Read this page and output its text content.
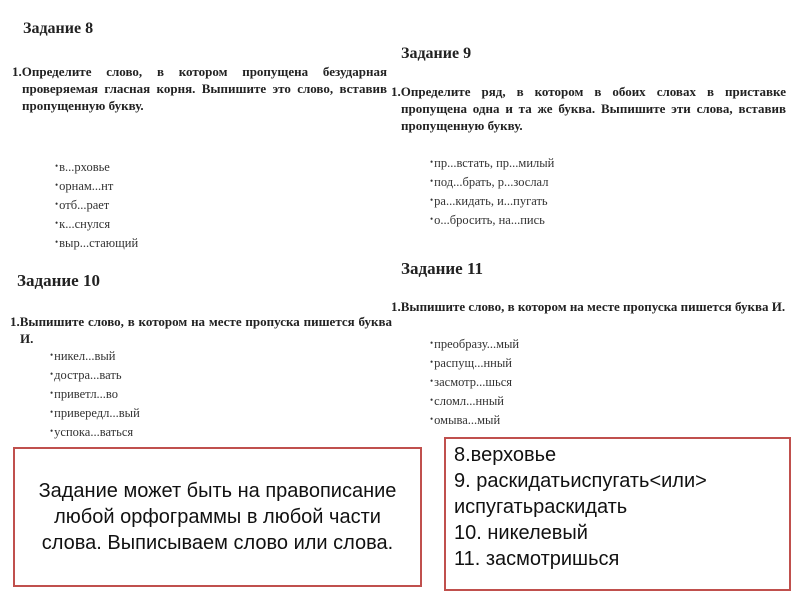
Задание 8
1.Определите слово, в котором пропущена безударная проверяемая гласная корня. Выпишите это слово, вставив пропущенную букву.
• в...рховье
• орнам...нт
• отб...рает
• к...снулся
• выр...стающий
Задание 9
1.Определите ряд, в котором в обоих словах в приставке пропущена одна и та же буква. Выпишите эти слова, вставив пропущенную букву.
• пр...встать, пр...милый
• под...брать, р...зослал
• ра...кидать, и...пугать
• о...бросить, на...пись
Задание 10
1.Выпишите слово, в котором на месте пропуска пишется буква И.
• никел...вый
• достра...вать
• приветл...во
• привередл...вый
• успока...ваться
Задание 11
1.Выпишите слово, в котором на месте пропуска пишется буква И.
• преобразу...мый
• распущ...нный
• засмотр...шься
• сломл...нный
• омыва...мый
Задание может быть на правописание любой орфограммы в любой части слова. Выписываем слово или слова.
8.верховье
9. раскидатьиспугать<или> испугатьраскидать
10. никелевый
11. засмотришься
